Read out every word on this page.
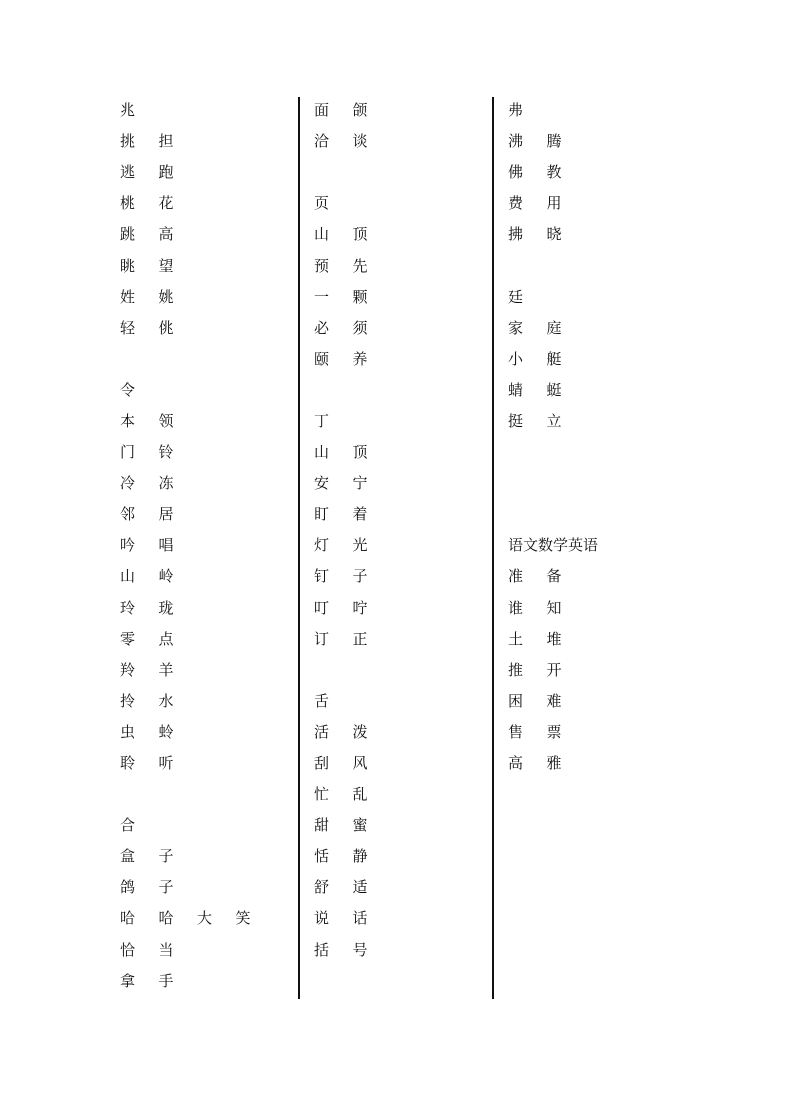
兆
挑	担
逃	跑
桃	花
跳	高
眺	望
姓	姚
轻	佻
令
本	领
门	铃
冷	冻
邻	居
吟	唱
山	岭
玲	珑
零	点
羚	羊
拎	水
虫	蛉
聆	听
合
盒	子
鸽	子
哈	哈	大	笑
恰	当
拿	手
面	颌
洽	谈
页
山	顶
预	先
一	颗
必	须
颐	养
丁
山	顶
安	宁
盯	着
灯	光
钉	子
叮	咛
订	正
舌
活	泼
刮	风
忙	乱
甜	蜜
恬	静
舒	适
说	话
括	号
弗
沸	腾
佛	教
费	用
拂	晓
廷
家	庭
小	艇
蜻	蜓
挺	立
语文数学英语
准	备
谁	知
土	堆
推	开
困	难
售	票
高	雅
